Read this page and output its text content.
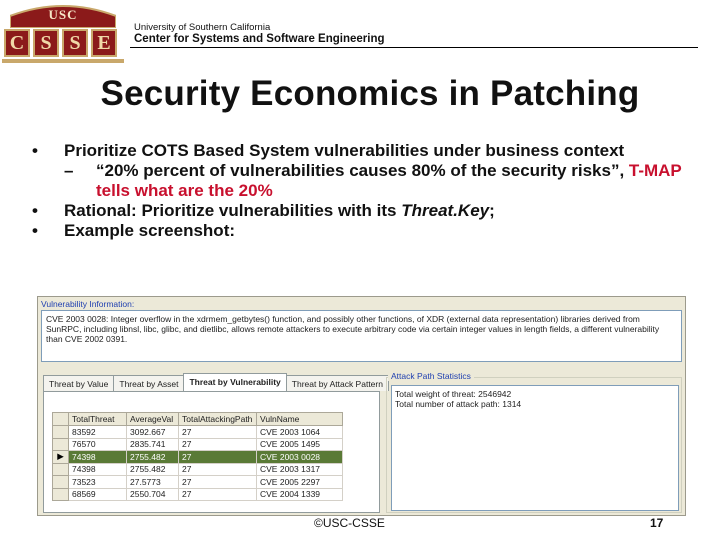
USC
C S S E
University of Southern California
Center for Systems and Software Engineering
Security Economics in Patching
• Prioritize COTS Based System vulnerabilities under business context
– “20% percent of vulnerabilities causes 80% of the security risks”, T-MAP tells what are the 20%
• Rational: Prioritize vulnerabilities with its Threat.Key;
• Example screenshot:
Vulnerability Information:
CVE 2003 0028: Integer overflow in the xdrmem_getbytes() function, and possibly other functions, of XDR (external data representation) libraries derived from SunRPC, including libnsl, libc, glibc, and dietlibc, allows remote attackers to execute arbitrary code via certain integer values in length fields, a different vulnerability than CVE 2002 0391.
Threat by Value	Threat by Asset	Threat by Vulnerability	Threat by Attack Pattern
	TotalThreat	AverageVal	TotalAttackingPath	VulnName
	83592	3092.667	27	CVE 2003 1064
	76570	2835.741	27	CVE 2005 1495
▶	74398	2755.482	27	CVE 2003 0028
	74398	2755.482	27	CVE 2003 1317
	73523	27.5773	27	CVE 2005 2297
	68569	2550.704	27	CVE 2004 1339
Attack Path Statistics
Total weight of threat: 2546942
Total number of attack path: 1314
©USC-CSSE	17
